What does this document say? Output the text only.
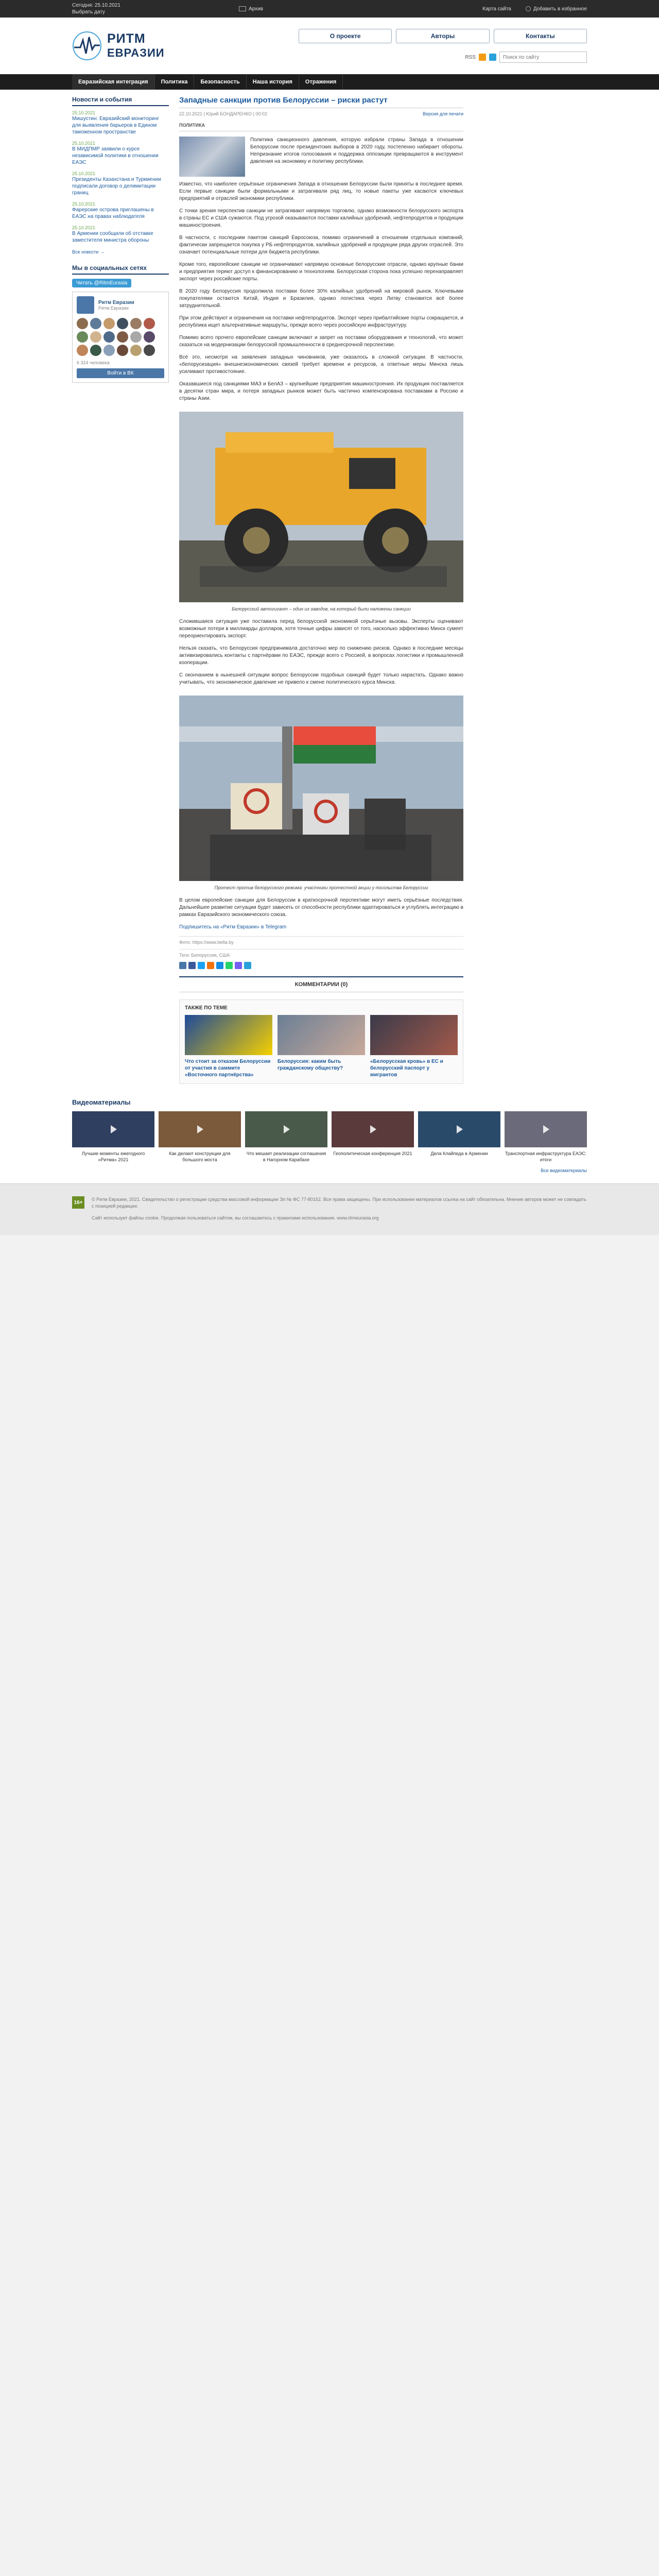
Сегодня: 25.10.2021
Выбрать дату
Архив	Карта сайта	Добавить в избранное
РИТМ
ЕВРАЗИИ
О проекте	Авторы	Контакты
RSS
Поиск по сайту
Евразийская интеграция	Политика	Безопасность	Наша история	Отражения
Новости и события
25.10.2021
Мишустин: Евразийский мониторинг для выявления барьеров в Едином таможенном пространстве
25.10.2021
В МИДПМР заявили о курсе независимой политики в отношении ЕАЭС
25.10.2021
Президенты Казахстана и Туркмении подписали договор о делимитации границ
25.10.2021
Фарерские острова приглашены в ЕАЭС на правах наблюдателя
25.10.2021
В Армении сообщили об отставке заместителя министра обороны
Все новости →
Мы в социальных сетях
Читать @RitmEurasia
Ритм Евразии
Ритм Евразии
6 324 человека
Войти в ВК
Западные санкции против Белоруссии – риски растут
22.10.2021 | Юрий БОНДАРЕНКО | 00:02	Версия для печати
ПОЛИТИКА

Политика санкционного давления, которую избрали страны Запада в отношении Белоруссии после президентских выборов в 2020 году, постепенно набирает обороты. Непризнание итогов голосования и поддержка оппозиции превращаются в инструмент давления на экономику и политику республики.

Известно, что наиболее серьёзные ограничения Запада в отношении Белоруссии были приняты в последнее время. Если первые санкции были формальными и затрагивали ряд лиц, то новые пакеты уже касаются ключевых предприятий и отраслей экономики республики.

С точки зрения перспектив санкции не затрагивают напрямую торговлю, однако возможности белорусского экспорта в страны ЕС и США сужаются. Под угрозой оказываются поставки калийных удобрений, нефтепродуктов и продукции машиностроения.

В частности, с последним пакетом санкций Евросоюза, помимо ограничений в отношении отдельных компаний, фактически запрещается покупка у РБ нефтепродуктов, калийных удобрений и продукции ряда других отраслей. Это означает потенциальные потери для бюджета республики.

Кроме того, европейские санкции не ограничивают напрямую основные белорусские отрасли, однако крупные банки и предприятия теряют доступ к финансированию и технологиям. Белорусская сторона пока успешно перенаправляет экспорт через российские порты.

В 2020 году Белоруссия продолжила поставки более 30% калийных удобрений на мировой рынок. Ключевыми покупателями остаются Китай, Индия и Бразилия, однако логистика через Литву становится всё более затруднительной.

При этом действуют и ограничения на поставки нефтепродуктов. Экспорт через прибалтийские порты сокращается, и республика ищет альтернативные маршруты, прежде всего через российскую инфраструктуру.

Помимо всего прочего европейские санкции включают и запрет на поставки оборудования и технологий, что может сказаться на модернизации белорусской промышленности в среднесрочной перспективе.

Всё это, несмотря на заявления западных чиновников, уже оказалось в сложной ситуации. В частности, «белорусизация» внешнеэкономических связей требует времени и ресурсов, а ответные меры Минска лишь усиливают противостояние.

Оказавшиеся под санкциями МАЗ и БелАЗ – крупнейшие предприятия машиностроения. Их продукция поставляется в десятки стран мира, и потеря западных рынков может быть частично компенсирована поставками в Россию и страны Азии.

Белорусский автогигант – один из заводов, на который были наложены санкции

Сложившаяся ситуация уже поставила перед белорусской экономикой серьёзные вызовы. Эксперты оценивают возможные потери в миллиарды долларов, хотя точные цифры зависят от того, насколько эффективно Минск сумеет переориентировать экспорт.

Нельзя сказать, что Белоруссия предпринимала достаточно мер по снижению рисков. Однако в последние месяцы активизировались контакты с партнёрами по ЕАЭС, прежде всего с Россией, в вопросах логистики и промышленной кооперации.

С окончанием в нынешней ситуации вопрос Белоруссии подобных санкций будет только нарастать. Однако важно учитывать, что экономическое давление не привело к смене политического курса Минска.

Протест против белорусского режима: участники протестной акции у посольства Белоруссии

В целом европейские санкции для Белоруссии в краткосрочной перспективе могут иметь серьёзные последствия. Дальнейшее развитие ситуации будет зависеть от способности республики адаптироваться и углублять интеграцию в рамках Евразийского экономического союза.

Подпишитесь на «Ритм Евразии» в Telegram

Фото: https://www.belta.by
Теги: Белоруссия, США
КОММЕНТАРИИ (0)
ТАКЖЕ ПО ТЕМЕ
Что стоит за отказом Белоруссии от участия в саммите «Восточного партнёрства»
Белоруссия: каким быть гражданскому обществу?
«Белорусская кровь» в ЕС и белорусский паспорт у мигрантов
Видеоматериалы
Лучшие моменты ежегодного «Ритма» 2021
Как делают конструкции для большого моста
Что мешает реализации соглашения в Нагорном Карабахе
Геополитическая конференция 2021	Дела Клайпеда в Армении	Транспортная инфраструктура ЕАЭС: итоги
Все видеоматериалы
16+
© Ритм Евразии, 2021. Свидетельство о регистрации средства массовой информации Эл № ФС 77-80152. Все права защищены. При использовании материалов ссылка на сайт обязательна. Мнение авторов может не совпадать с позицией редакции.
Сайт использует файлы cookie. Продолжая пользоваться сайтом, вы соглашаетесь с правилами использования. www.ritmeurasia.org
